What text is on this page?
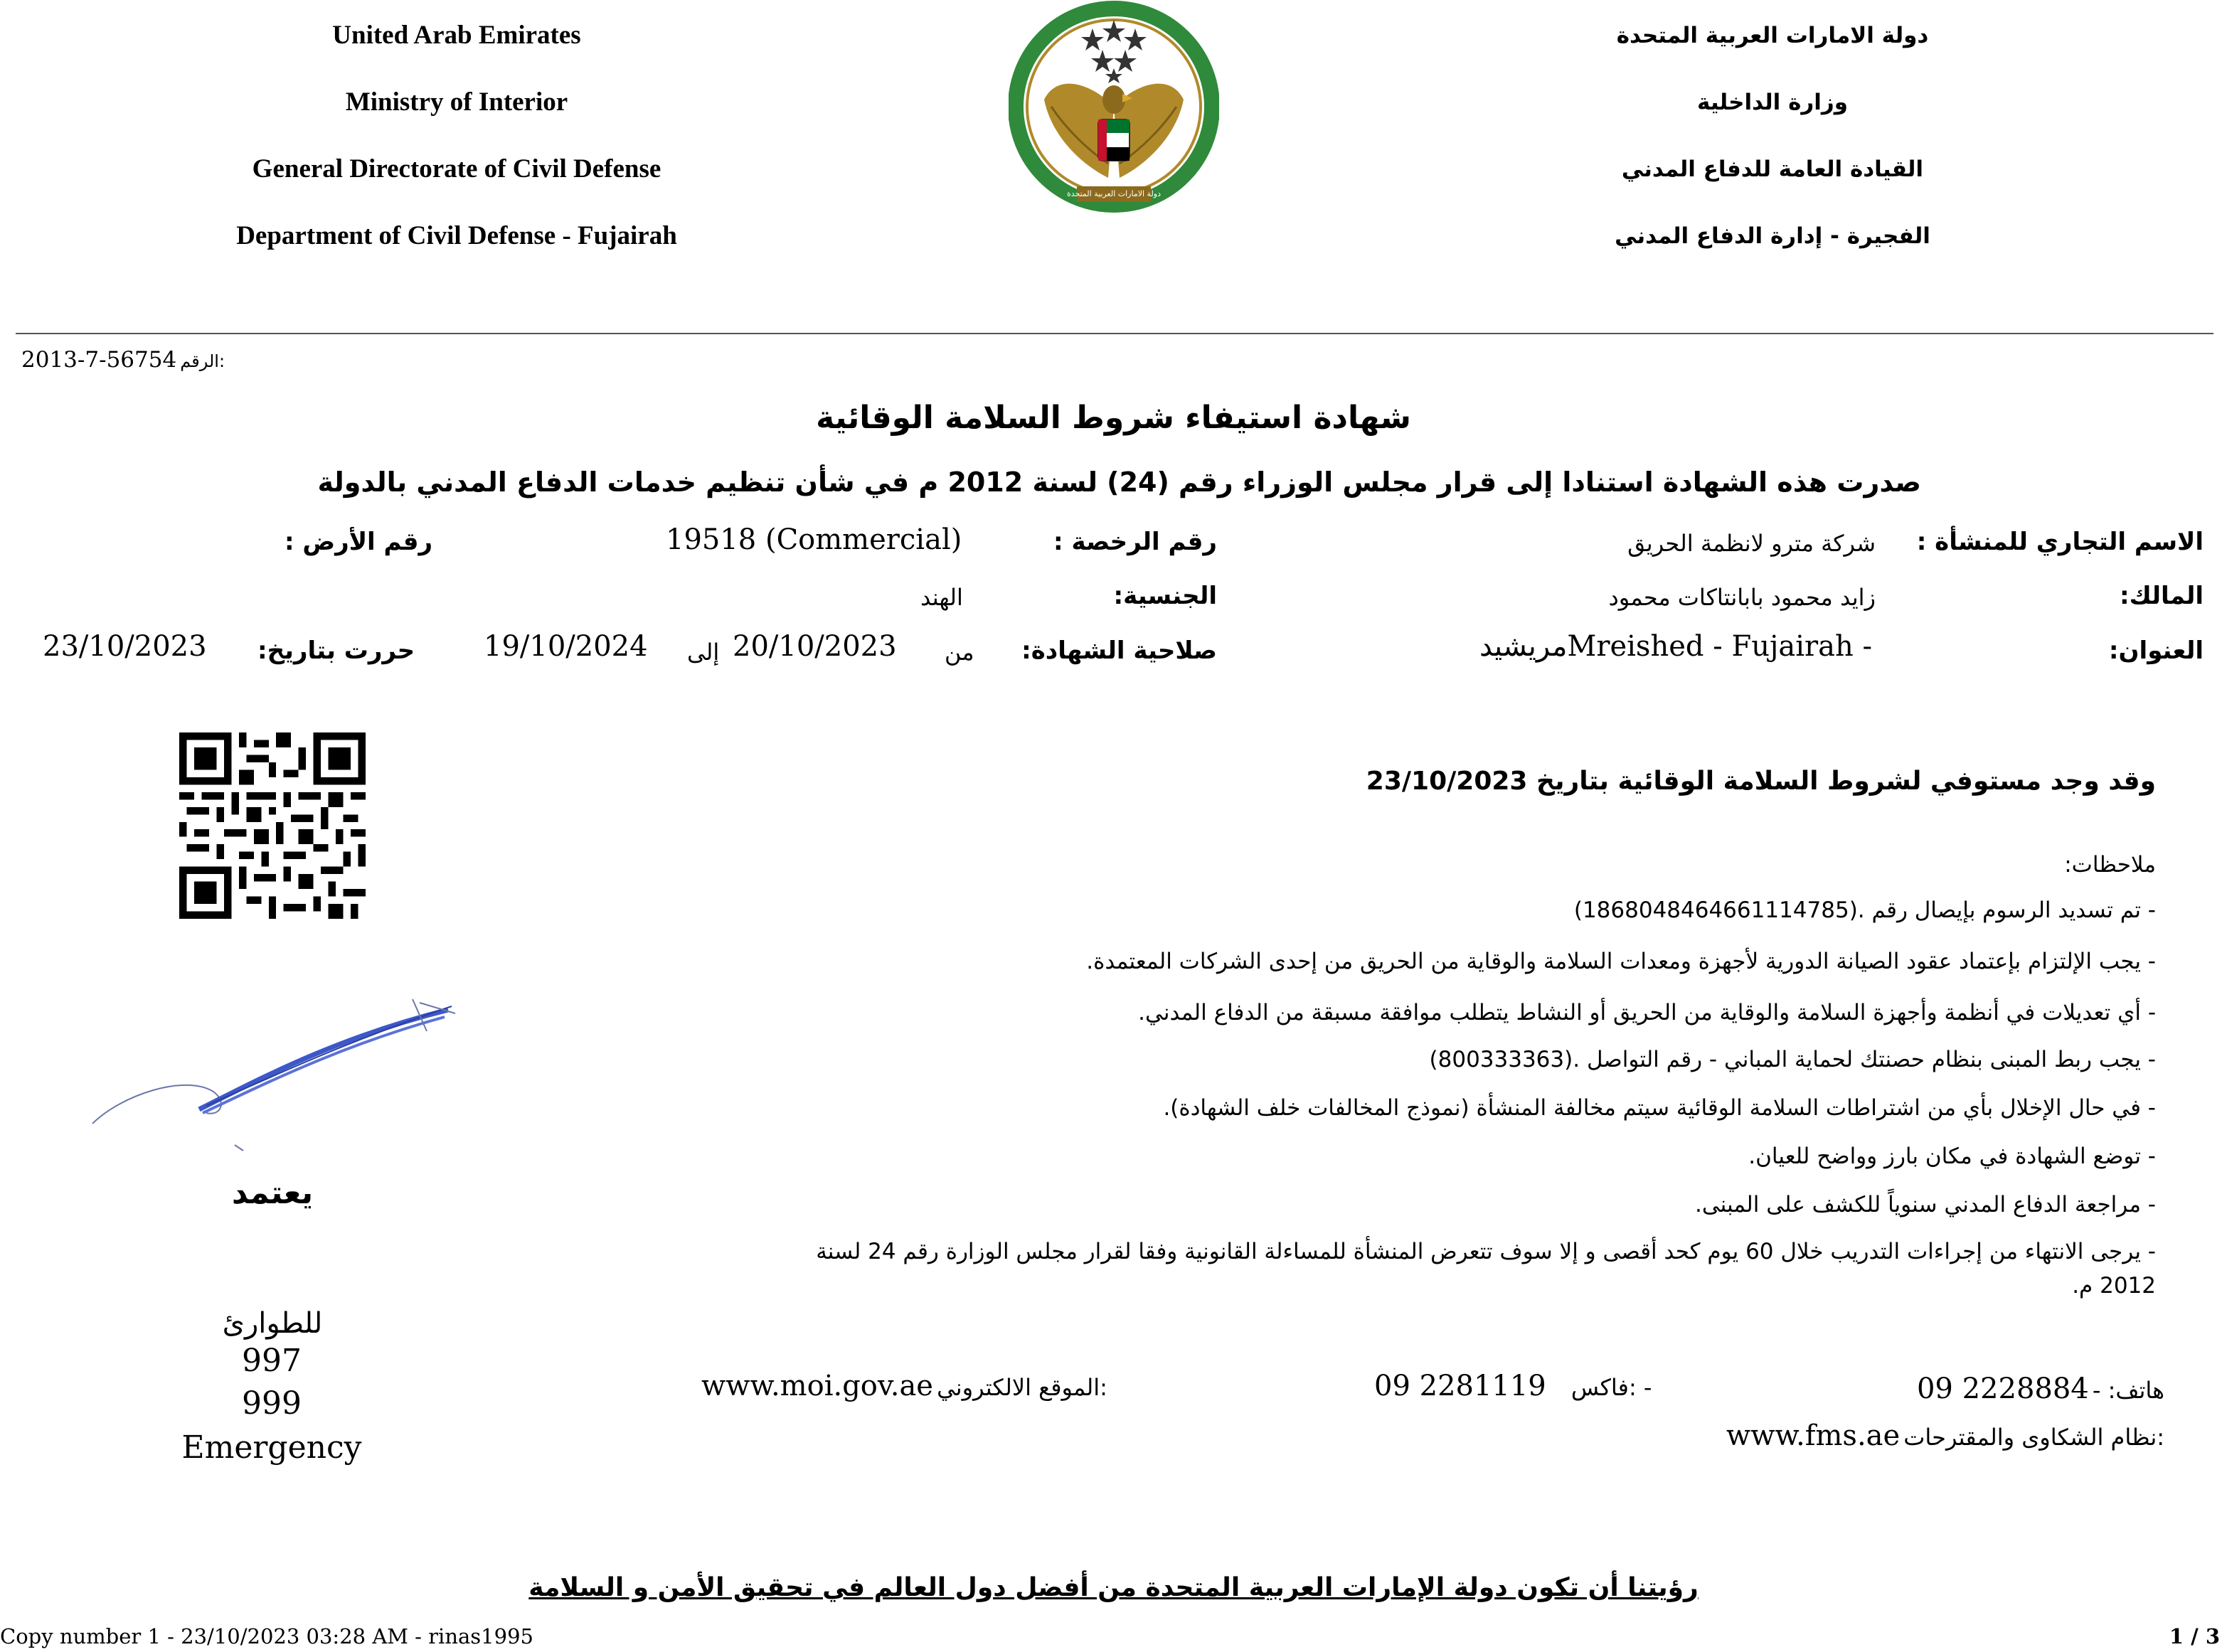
United Arab Emirates
Ministry of Interior
General Directorate of Civil Defense
Department of Civil Defense - Fujairah
دولة الامارات العربية المتحدة
وزارة الداخلية
القيادة العامة للدفاع المدني
الفجيرة - إدارة الدفاع المدني
دولة الامارات العربية المتحدة
2013-7-56754 الرقم:
شهادة استيفاء شروط السلامة الوقائية
صدرت هذه الشهادة استنادا إلى قرار مجلس الوزراء رقم (24) لسنة 2012 م في شأن تنظيم خدمات الدفاع المدني بالدولة
الاسم التجاري للمنشأة :
شركة مترو لانظمة الحريق
رقم الرخصة :
19518 (Commercial)
رقم الأرض :
المالك:
زايد محمود بابانتاكات محمود
الجنسية:
الهند
العنوان:
مريشيدMreished - Fujairah -
صلاحية الشهادة:
من
20/10/2023
إلى
19/10/2024
حررت بتاريخ:
23/10/2023
يعتمد
للطوارئ
997
999
Emergency
وقد وجد مستوفي لشروط السلامة الوقائية بتاريخ 23/10/2023
ملاحظات:
- تم تسديد الرسوم بإيصال رقم .(1868048464661114785)
- يجب الإلتزام بإعتماد عقود الصيانة الدورية لأجهزة ومعدات السلامة والوقاية من الحريق من إحدى الشركات المعتمدة.
- أي تعديلات في أنظمة وأجهزة السلامة والوقاية من الحريق أو النشاط يتطلب موافقة مسبقة من الدفاع المدني.
- يجب ربط المبنى بنظام حصنتك لحماية المباني - رقم التواصل .(800333363)
- في حال الإخلال بأي من اشتراطات السلامة الوقائية سيتم مخالفة المنشأة (نموذج المخالفات خلف الشهادة).
- توضع الشهادة في مكان بارز وواضح للعيان.
- مراجعة الدفاع المدني سنوياً للكشف على المبنى.
- يرجى الانتهاء من إجراءات التدريب خلال 60 يوم كحد أقصى و إلا سوف تتعرض المنشأة للمساءلة القانونية وفقا لقرار مجلس الوزارة رقم 24 لسنة
2012 م.
هاتف: - 09 2228884
09 2281119 فاكس: -
www.moi.gov.ae الموقع الالكتروني:
www.fms.ae نظام الشكاوى والمقترحات:
رؤيتنا أن تكون دولة الإمارات العربية المتحدة من أفضل دول العالم في تحقيق الأمن و السلامة
Copy number 1 - 23/10/2023 03:28 AM - rinas1995	1 / 3
